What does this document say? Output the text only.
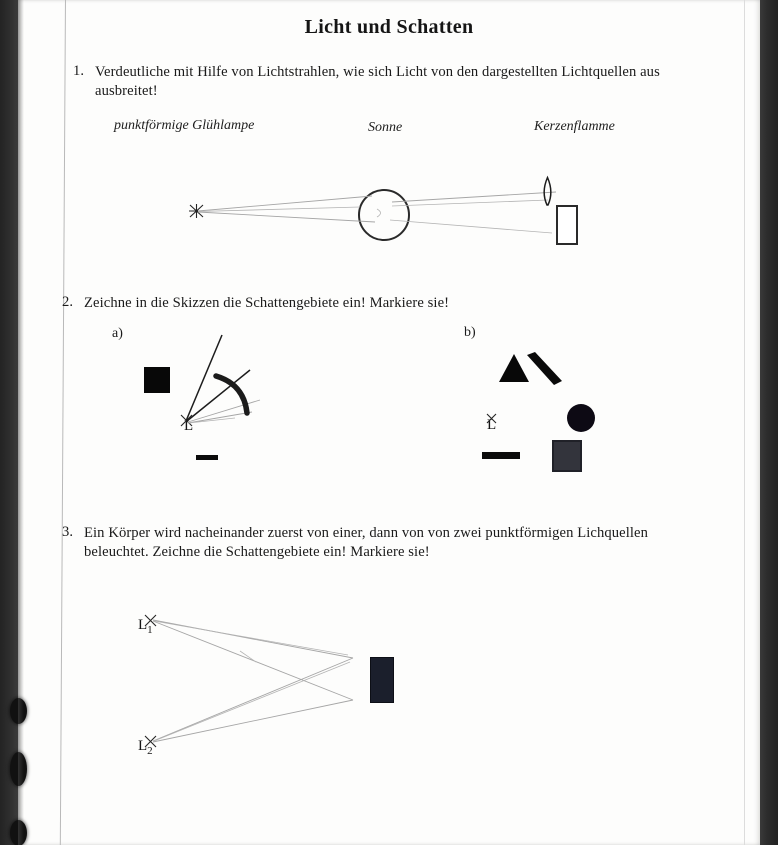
Licht und Schatten
1. Verdeutliche mit Hilfe von Lichtstrahlen, wie sich Licht von den dargestellten Lichtquellen aus ausbreitet!
punktförmige Glühlampe	Sonne	Kerzenflamme
2. Zeichne in die Skizzen die Schattengebiete ein! Markiere sie!
a)	b)
L	L
3. Ein Körper wird nacheinander zuerst von einer, dann von von zwei punktförmigen Lichquellen beleuchtet. Zeichne die Schattengebiete ein! Markiere sie!
$L_1$
$L_2$
